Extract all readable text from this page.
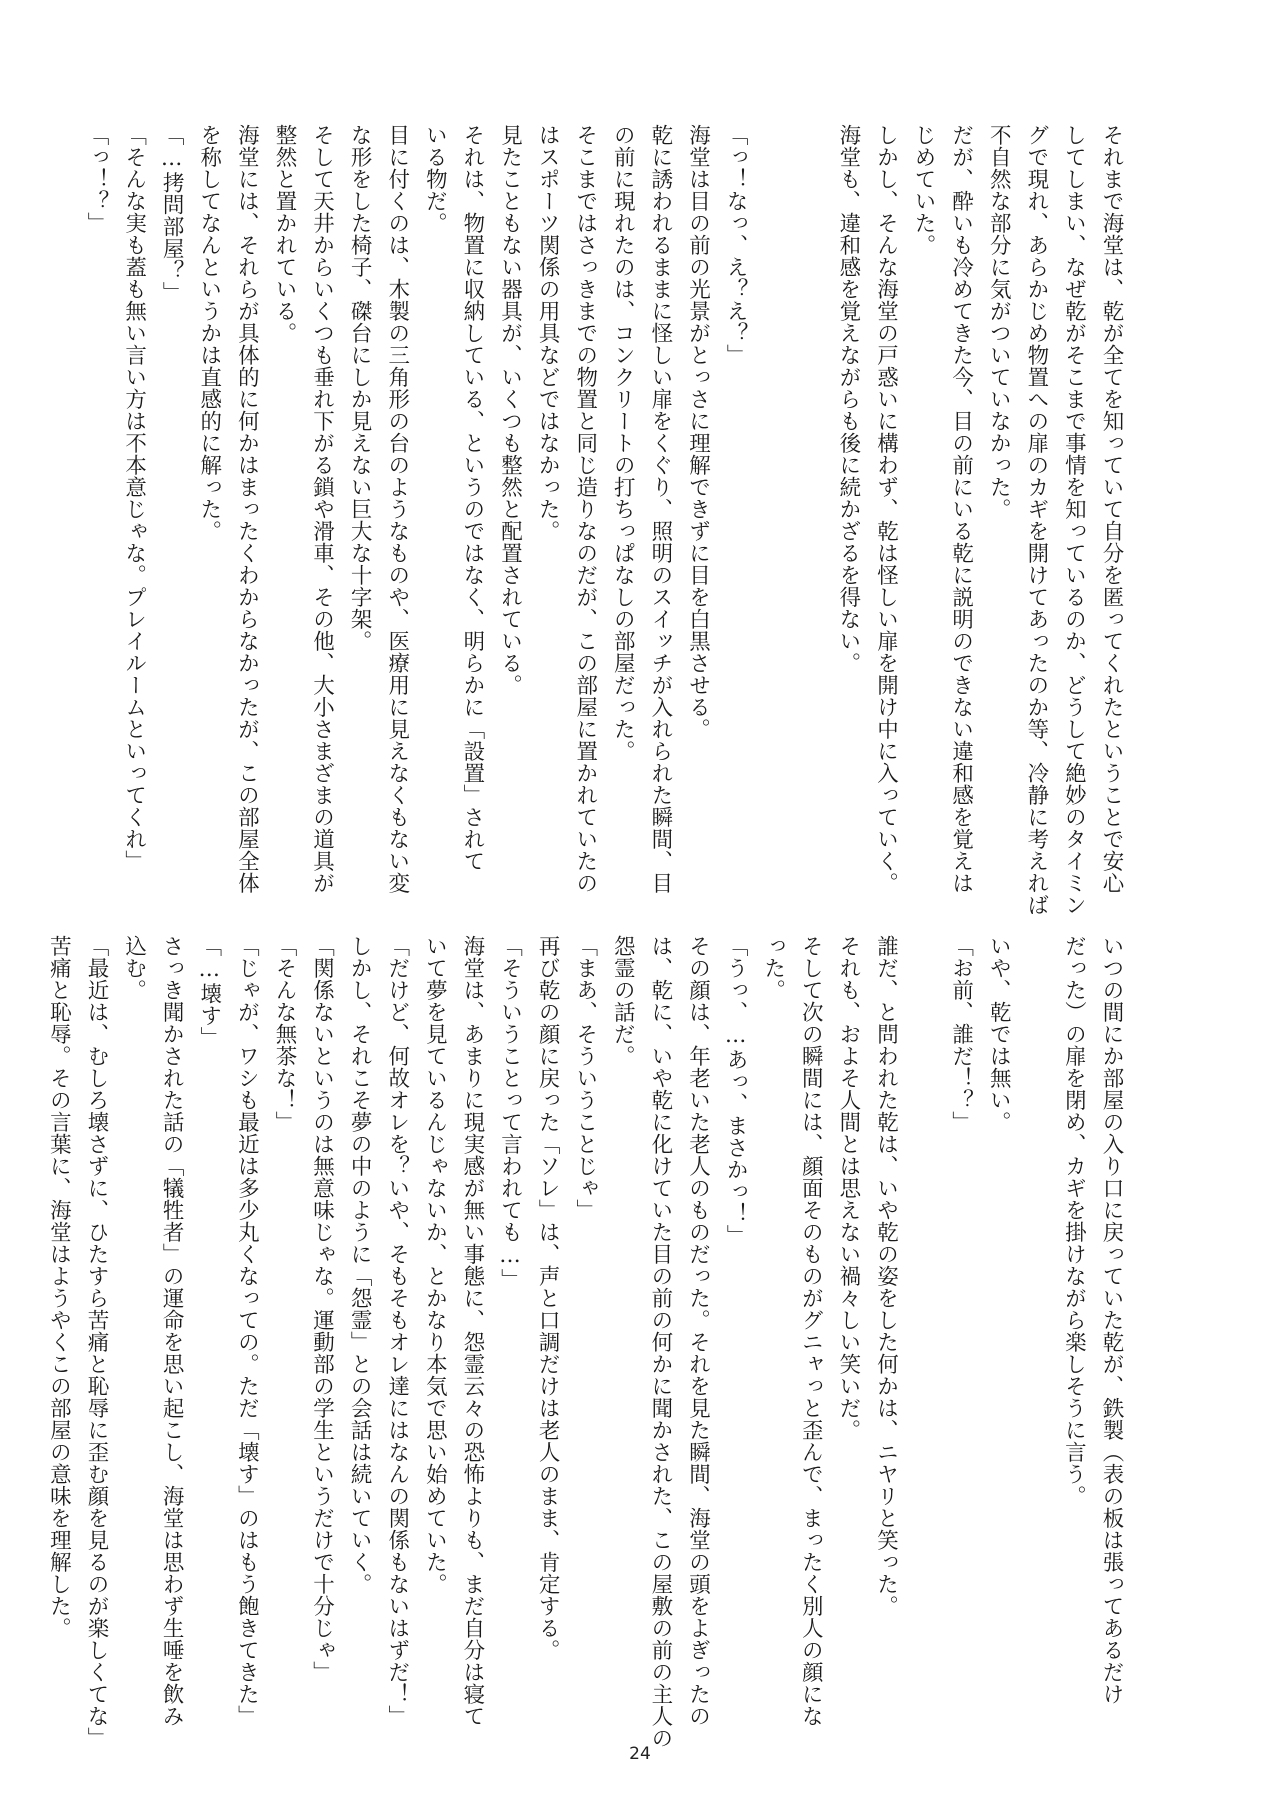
それまで海堂は、乾が全てを知っていて自分を匿ってくれたということで安心

してしまい、なぜ乾がそこまで事情を知っているのか、どうして絶妙のタイミン

グで現れ、あらかじめ物置への扉のカギを開けてあったのか等、冷静に考えれば

不自然な部分に気がついていなかった。

だが、酔いも冷めてきた今、目の前にいる乾に説明のできない違和感を覚えは

じめていた。

しかし、そんな海堂の戸惑いに構わず、乾は怪しい扉を開け中に入っていく。

海堂も、違和感を覚えながらも後に続かざるを得ない。

「っ！なっ、え？え？」

海堂は目の前の光景がとっさに理解できずに目を白黒させる。

乾に誘われるままに怪しい扉をくぐり、照明のスイッチが入れられた瞬間、目

の前に現れたのは、コンクリートの打ちっぱなしの部屋だった。

そこまではさっきまでの物置と同じ造りなのだが、この部屋に置かれていたの

はスポーツ関係の用具などではなかった。

見たこともない器具が、いくつも整然と配置されている。

それは、物置に収納している、というのではなく、明らかに「設置」されて

いる物だ。

目に付くのは、木製の三角形の台のようなものや、医療用に見えなくもない変

な形をした椅子、磔台にしか見えない巨大な十字架。

そして天井からいくつも垂れ下がる鎖や滑車、その他、大小さまざまの道具が

整然と置かれている。

海堂には、それらが具体的に何かはまったくわからなかったが、この部屋全体

を称してなんというかは直感的に解った。

「…拷問部屋？」

「そんな実も蓋も無い言い方は不本意じゃな。プレイルームといってくれ」

「っ！？」

いつの間にか部屋の入り口に戻っていた乾が、鉄製（表の板は張ってあるだけ

だった）の扉を閉め、カギを掛けながら楽しそうに言う。

いや、乾では無い。

「お前、誰だ！？」

誰だ、と問われた乾は、いや乾の姿をした何かは、ニヤリと笑った。

それも、およそ人間とは思えない禍々しい笑いだ。

そして次の瞬間には、顔面そのものがグニャっと歪んで、まったく別人の顔にな

った。

「うっ、…あっ、まさかっ！」

その顔は、年老いた老人のものだった。それを見た瞬間、海堂の頭をよぎったの

は、乾に、いや乾に化けていた目の前の何かに聞かされた、この屋敷の前の主人の

怨霊の話だ。

「まあ、そういうことじゃ」

再び乾の顔に戻った「ソレ」は、声と口調だけは老人のまま、肯定する。

「そういうことって言われても…」

海堂は、あまりに現実感が無い事態に、怨霊云々の恐怖よりも、まだ自分は寝て

いて夢を見ているんじゃないか、とかなり本気で思い始めていた。

「だけど、何故オレを？いや、そもそもオレ達にはなんの関係もないはずだ！」

しかし、それこそ夢の中のように「怨霊」との会話は続いていく。

「関係ないというのは無意味じゃな。運動部の学生というだけで十分じゃ」

「そんな無茶な！」

「じゃが、ワシも最近は多少丸くなっての。ただ「壊す」のはもう飽きてきた」

「…壊す」

さっき聞かされた話の「犠牲者」の運命を思い起こし、海堂は思わず生唾を飲み

込む。

「最近は、むしろ壊さずに、ひたすら苦痛と恥辱に歪む顔を見るのが楽しくてな」

苦痛と恥辱。その言葉に、海堂はようやくこの部屋の意味を理解した。

24
